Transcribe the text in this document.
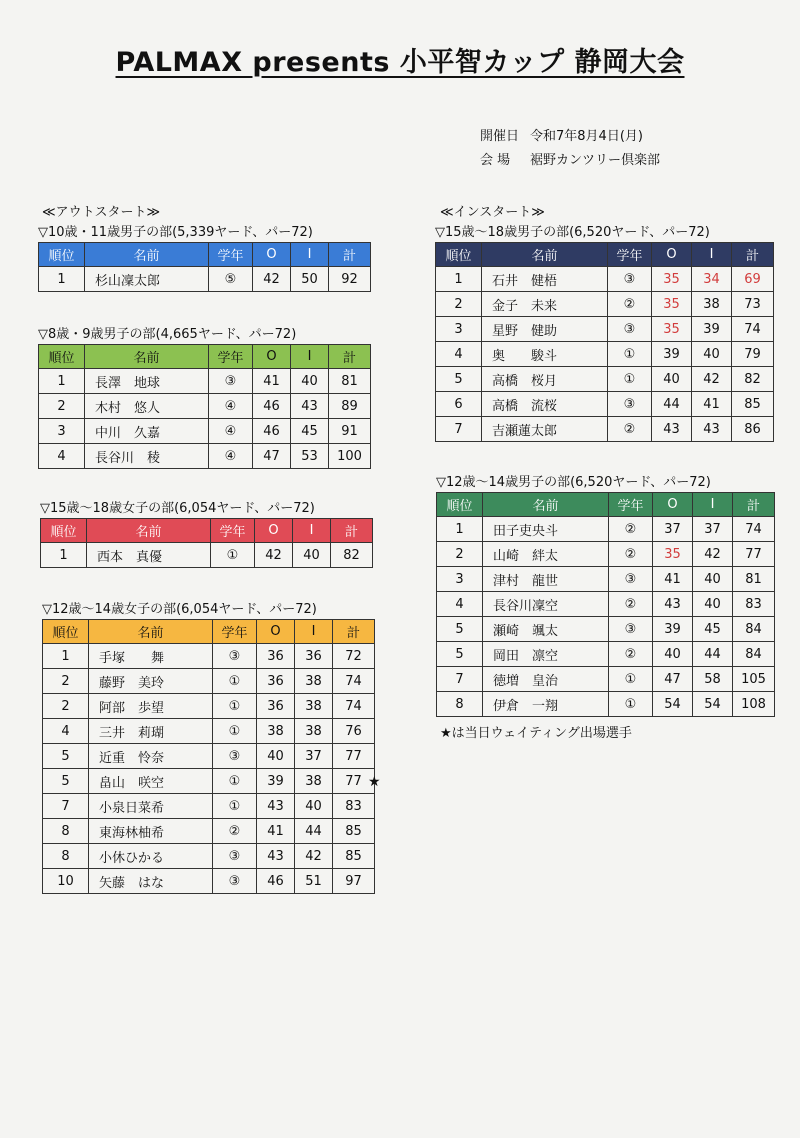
PALMAX presents 小平智カップ 静岡大会
開催日 令和7年8月4日(月)
会 場 裾野カンツリー倶楽部
≪アウトスタート≫	≪インスタート≫
▽10歳・11歳男子の部(5,339ヤード、パー72)
順位	名前	学年	O	I	計
1	杉山凜太郎	⑤	42	50	92
▽8歳・9歳男子の部(4,665ヤード、パー72)
順位	名前	学年	O	I	計
1	長澤　地球	③	41	40	81
2	木村　悠人	④	46	43	89
3	中川　久嘉	④	46	45	91
4	長谷川　稜	④	47	53	100
▽15歳～18歳女子の部(6,054ヤード、パー72)
順位	名前	学年	O	I	計
1	西本　真優	①	42	40	82
▽12歳～14歳女子の部(6,054ヤード、パー72)
順位	名前	学年	O	I	計
1	手塚　　舞	③	36	36	72
2	藤野　美玲	①	36	38	74
2	阿部　歩望	①	36	38	74
4	三井　莉瑚	①	38	38	76
5	近重　怜奈	③	40	37	77
5	畠山　咲空	①	39	38	77
7	小泉日菜希	①	43	40	83
8	東海林柚希	②	41	44	85
8	小休ひかる	③	43	42	85
10	矢藤　はな	③	46	51	97
▽15歳～18歳男子の部(6,520ヤード、パー72)
順位	名前	学年	O	I	計
1	石井　健梧	③	35	34	69
2	金子　未来	②	35	38	73
3	星野　健助	③	35	39	74
4	奥　　駿斗	①	39	40	79
5	高橋　桜月	①	40	42	82
6	高橋　流桜	③	44	41	85
7	吉瀬蓮太郎	②	43	43	86
▽12歳～14歳男子の部(6,520ヤード、パー72)
順位	名前	学年	O	I	計
1	田子吏央斗	②	37	37	74
2	山崎　絆太	②	35	42	77
3	津村　龍世	③	41	40	81
4	長谷川凜空	②	43	40	83
5	瀬崎　颯太	③	39	45	84
5	岡田　凛空	②	40	44	84
7	徳増　皇治	①	47	58	105
8	伊倉　一翔	①	54	54	108
★
★は当日ウェイティング出場選手
